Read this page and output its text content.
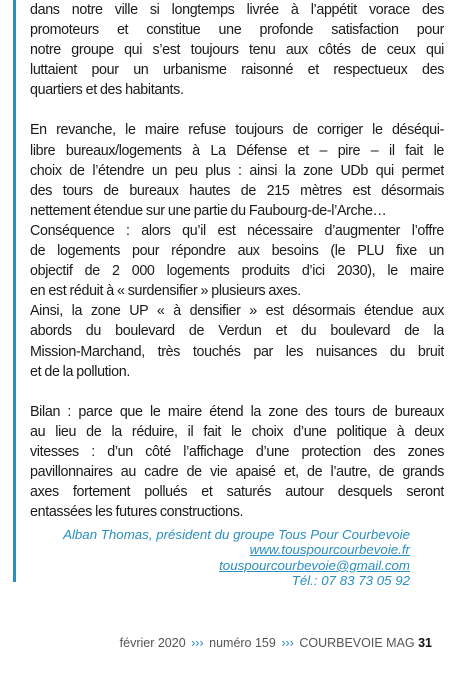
dans notre ville si longtemps livrée à l’appétit vorace des
promoteurs et constitue une profonde satisfaction pour
notre groupe qui s’est toujours tenu aux côtés de ceux qui
luttaient pour un urbanisme raisonné et respectueux des
quartiers et des habitants.

En revanche, le maire refuse toujours de corriger le déséqui-
libre bureaux/logements à La Défense et – pire – il fait le
choix de l’étendre un peu plus : ainsi la zone UDb qui permet
des tours de bureaux hautes de 215 mètres est désormais
nettement étendue sur une partie du Faubourg-de-l’Arche…
Conséquence : alors qu’il est nécessaire d’augmenter l’offre
de logements pour répondre aux besoins (le PLU fixe un
objectif de 2 000 logements produits d’ici 2030), le maire
en est réduit à « surdensifier » plusieurs axes.
Ainsi, la zone UP « à densifier » est désormais étendue aux
abords du boulevard de Verdun et du boulevard de la
Mission-Marchand, très touchés par les nuisances du bruit
et de la pollution.

Bilan : parce que le maire étend la zone des tours de bureaux
au lieu de la réduire, il fait le choix d’une politique à deux
vitesses : d’un côté l’affichage d’une protection des zones
pavillonnaires au cadre de vie apaisé et, de l’autre, de grands
axes fortement pollués et saturés autour desquels seront
entassées les futures constructions.

Alban Thomas, président du groupe Tous Pour Courbevoie
www.touspourcourbevoie.fr
touspourcourbevoie@gmail.com
Tél.: 07 83 73 05 92
février 2020 ››› numéro 159 ››› COURBEVOIE MAG 31
